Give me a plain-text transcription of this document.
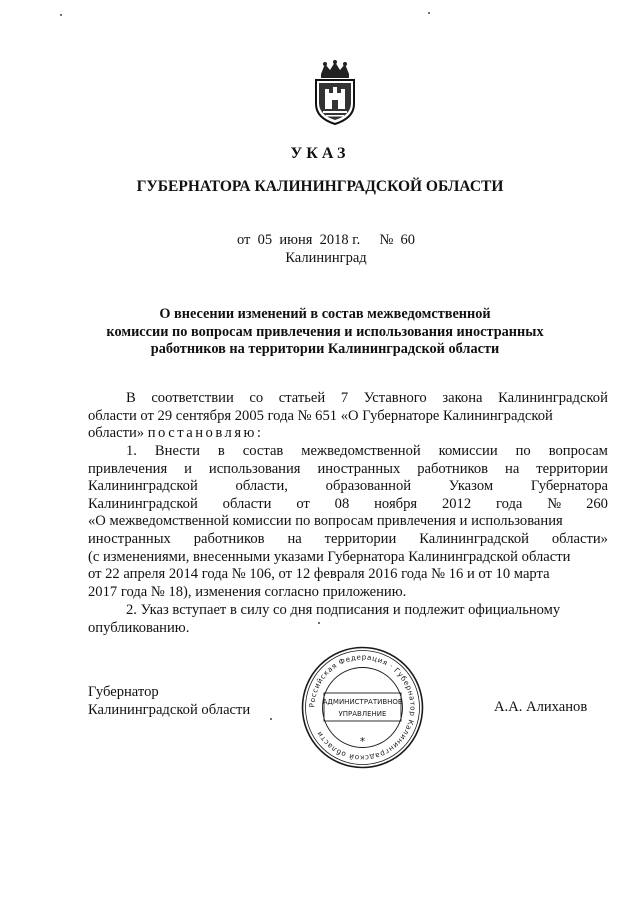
УКАЗ
ГУБЕРНАТОРА КАЛИНИНГРАДСКОЙ ОБЛАСТИ
от 05 июня 2018 г. № 60
Калининград
О внесении изменений в состав межведомственной
комиссии по вопросам привлечения и использования иностранных
работников на территории Калининградской области
В соответствии со статьей 7 Уставного закона Калининградской
области от 29 сентября 2005 года № 651 «О Губернаторе Калининградской
области» постановляю:
1. Внести в состав межведомственной комиссии по вопросам
привлечения и использования иностранных работников на территории
Калининградской	области,	образованной	Указом	Губернатора
Калининградской области от 08 ноября 2012 года № 260
«О межведомственной комиссии по вопросам привлечения и использования
иностранных работников на территории Калининградской области»
(с изменениями, внесенными указами Губернатора Калининградской области
от 22 апреля 2014 года № 106, от 12 февраля 2016 года № 16 и от 10 марта
2017 года № 18), изменения согласно приложению.
2. Указ вступает в силу со дня подписания и подлежит официальному
опубликованию.
Губернатор
Калининградской области	А.А. Алиханов
Российская Федерация · Губернатор Калининградской области
АДМИНИСТРАТИВНОЕ
УПРАВЛЕНИЕ
*
